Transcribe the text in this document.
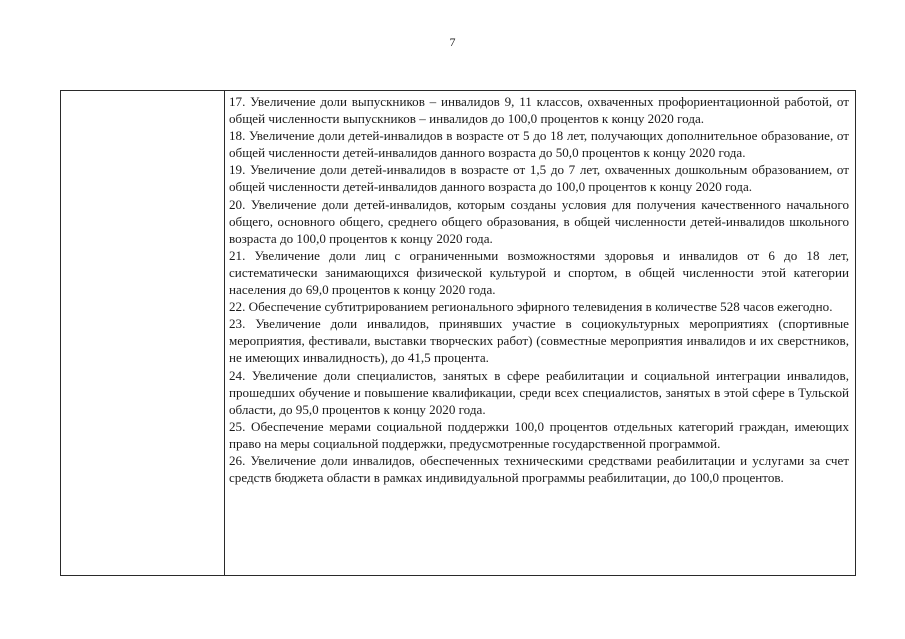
7

17. Увеличение доли выпускников – инвалидов 9, 11 классов, охваченных профориентационной работой, от общей численности выпускников – инвалидов до 100,0 процентов к концу 2020 года.

18. Увеличение доли детей-инвалидов в возрасте от 5 до 18 лет, получающих дополнительное образование, от общей численности детей-инвалидов данного возраста до 50,0 процентов к концу 2020 года.

19. Увеличение доли детей-инвалидов в возрасте от 1,5 до 7 лет, охваченных дошкольным образованием, от общей численности детей-инвалидов данного возраста до 100,0 процентов к концу 2020 года.

20. Увеличение доли детей-инвалидов, которым созданы условия для получения качественного начального общего, основного общего, среднего общего образования, в общей численности детей-инвалидов школьного возраста до 100,0 процентов к концу 2020 года.

21. Увеличение доли лиц с ограниченными возможностями здоровья и инвалидов от 6 до 18 лет, систематически занимающихся физической культурой и спортом, в общей численности этой категории населения до 69,0 процентов к концу 2020 года.

22. Обеспечение субтитрированием регионального эфирного телевидения в количестве 528 часов ежегодно.

23. Увеличение доли инвалидов, принявших участие в социокультурных мероприятиях (спортивные мероприятия, фестивали, выставки творческих работ) (совместные мероприятия инвалидов и их сверстников, не имеющих инвалидность), до 41,5 процента.

24. Увеличение доли специалистов, занятых в сфере реабилитации и социальной интеграции инвалидов, прошедших обучение и повышение квалификации, среди всех специалистов, занятых в этой сфере в Тульской области, до 95,0 процентов к концу 2020 года.

25. Обеспечение мерами социальной поддержки 100,0 процентов отдельных категорий граждан, имеющих право на меры социальной поддержки, предусмотренные государственной программой.

26. Увеличение доли инвалидов, обеспеченных техническими средствами реабилитации и услугами за счет средств бюджета области в рамках индивидуальной программы реабилитации, до 100,0 процентов.
